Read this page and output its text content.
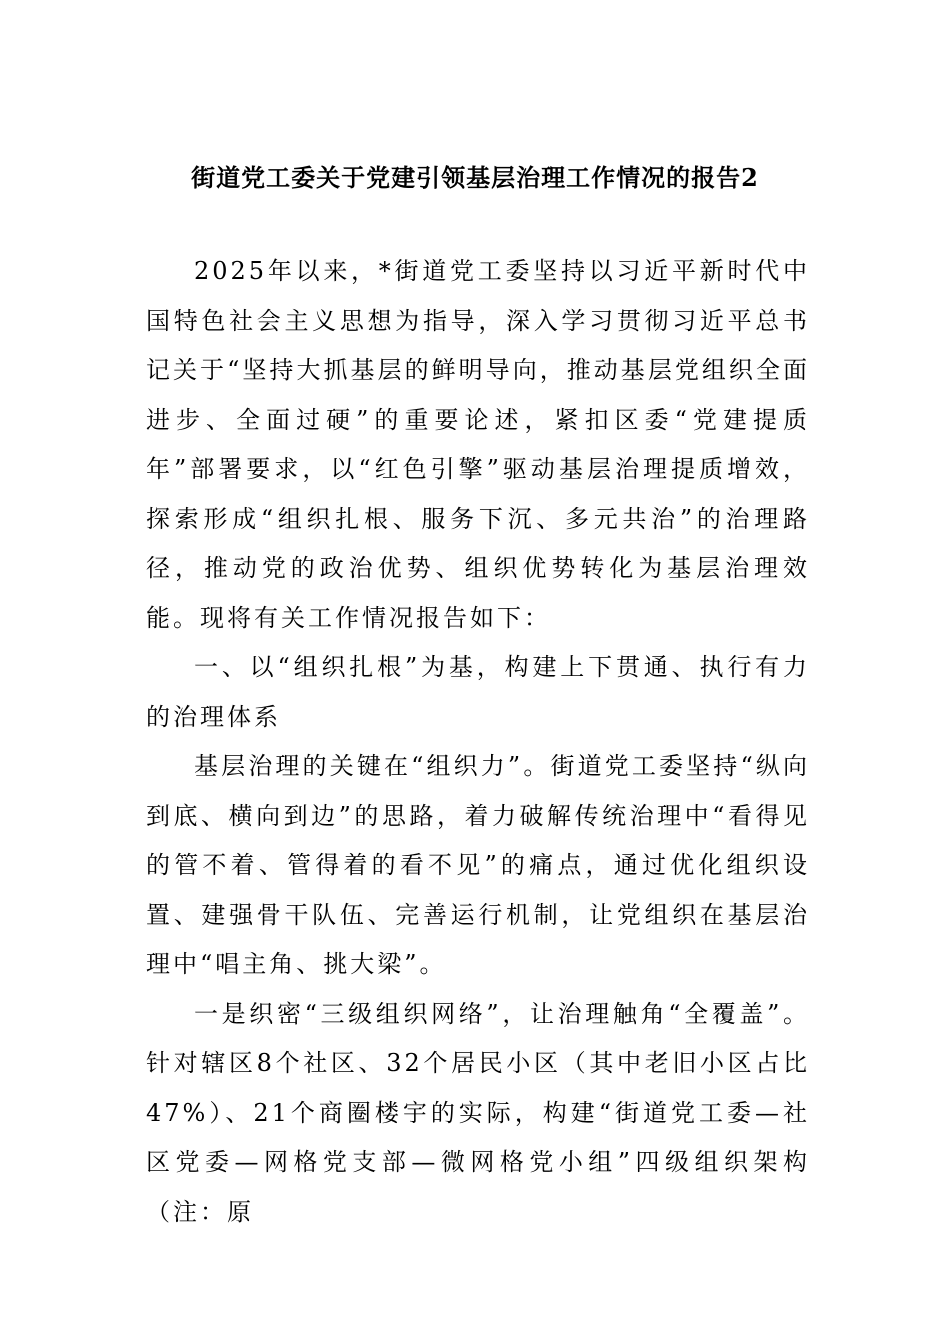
街道党工委关于党建引领基层治理工作情况的报告2

2025年以来，*街道党工委坚持以习近平新时代中国特色社会主义思想为指导，深入学习贯彻习近平总书记关于“坚持大抓基层的鲜明导向，推动基层党组织全面进步、全面过硬”的重要论述，紧扣区委“党建提质年”部署要求，以“红色引擎”驱动基层治理提质增效，探索形成“组织扎根、服务下沉、多元共治”的治理路径，推动党的政治优势、组织优势转化为基层治理效能。现将有关工作情况报告如下：

一、以“组织扎根”为基，构建上下贯通、执行有力的治理体系

基层治理的关键在“组织力”。街道党工委坚持“纵向到底、横向到边”的思路，着力破解传统治理中“看得见的管不着、管得着的看不见”的痛点，通过优化组织设置、建强骨干队伍、完善运行机制，让党组织在基层治理中“唱主角、挑大梁”。

一是织密“三级组织网络”，让治理触角“全覆盖”。针对辖区8个社区、32个居民小区（其中老旧小区占比47%）、21个商圈楼宇的实际，构建“街道党工委—社区党委—网格党支部—微网格党小组”四级组织架构（注：原
